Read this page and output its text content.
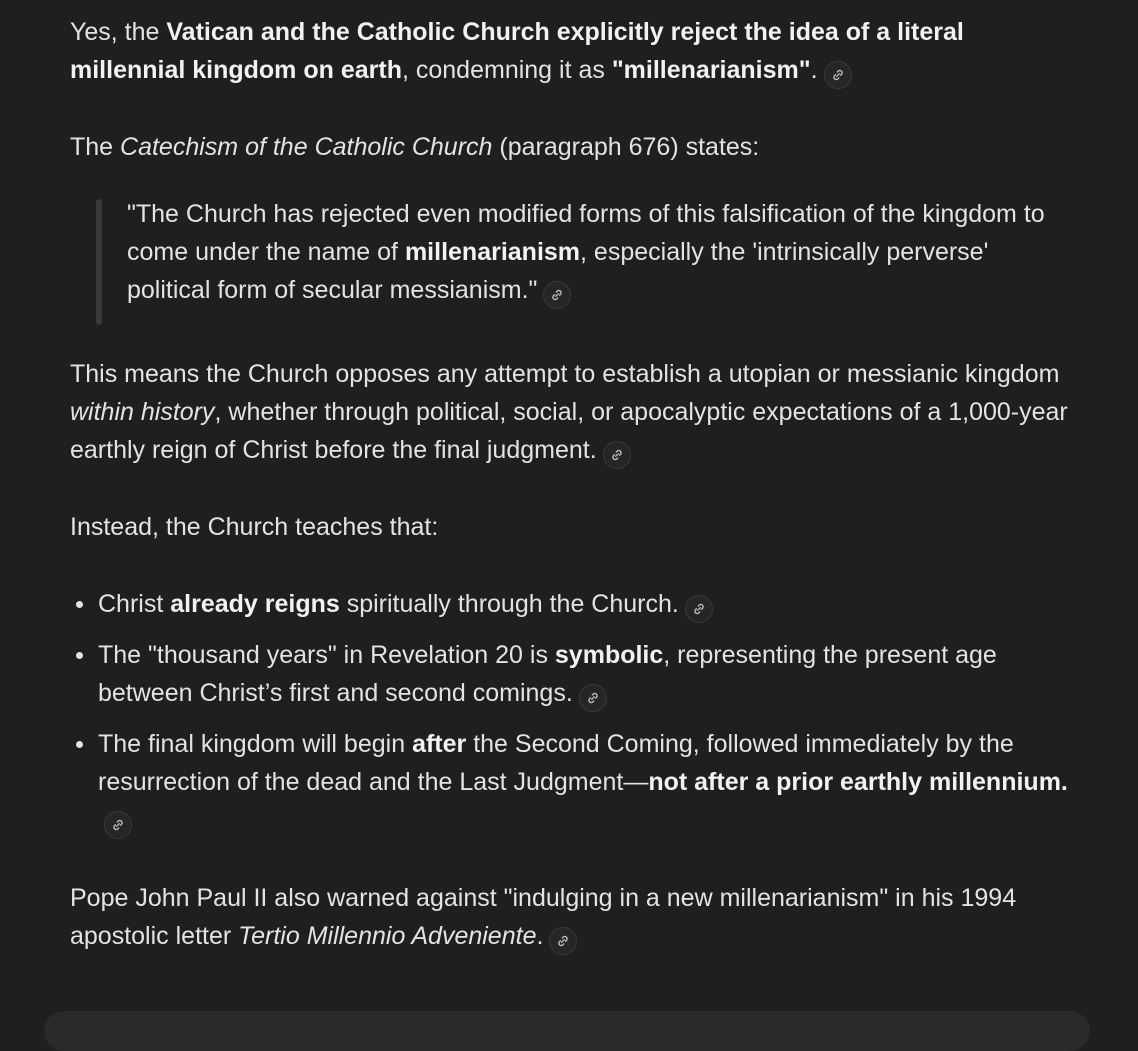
Yes, the Vatican and the Catholic Church explicitly reject the idea of a literal millennial kingdom on earth, condemning it as "millenarianism".

The Catechism of the Catholic Church (paragraph 676) states:

"The Church has rejected even modified forms of this falsification of the kingdom to come under the name of millenarianism, especially the 'intrinsically perverse' political form of secular messianism."

This means the Church opposes any attempt to establish a utopian or messianic kingdom within history, whether through political, social, or apocalyptic expectations of a 1,000-year earthly reign of Christ before the final judgment.

Instead, the Church teaches that:

Christ already reigns spiritually through the Church.
The "thousand years" in Revelation 20 is symbolic, representing the present age between Christ’s first and second comings.
The final kingdom will begin after the Second Coming, followed immediately by the resurrection of the dead and the Last Judgment—not after a prior earthly millennium.

Pope John Paul II also warned against "indulging in a new millenarianism" in his 1994 apostolic letter Tertio Millennio Adveniente.
